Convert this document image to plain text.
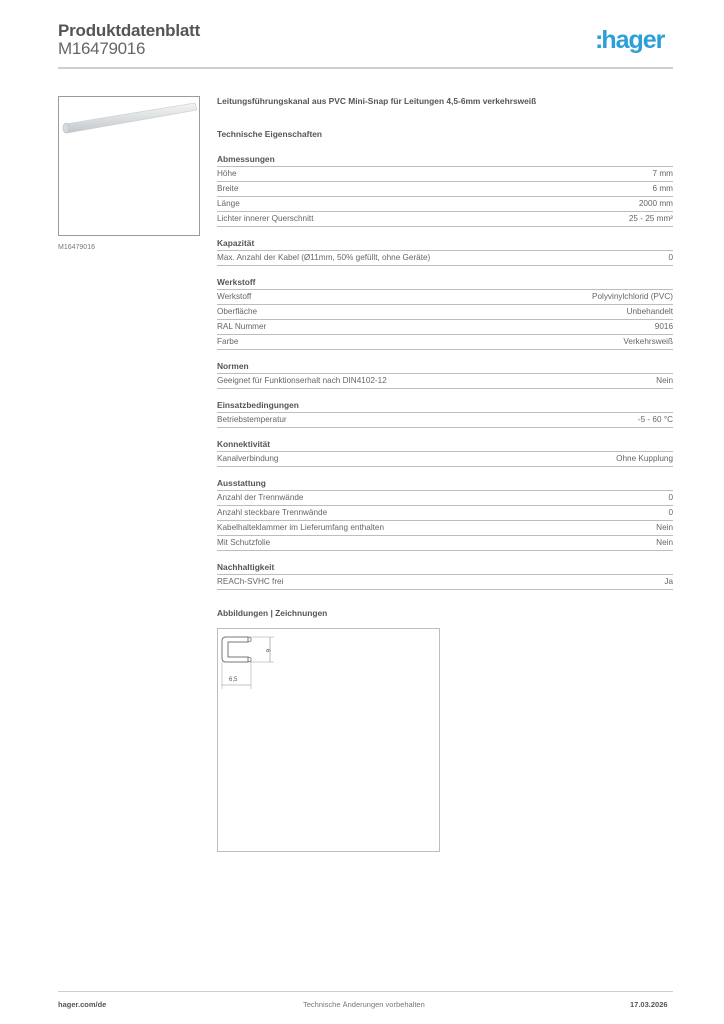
Produktdatenblatt
M16479016	:hager
M16479016
Leitungsführungskanal aus PVC Mini-Snap für Leitungen 4,5-6mm verkehrsweiß
Technische Eigenschaften
Abmessungen
Höhe	7 mm
Breite	6 mm
Länge	2000 mm
Lichter innerer Querschnitt	25 - 25 mm²
Kapazität
Max. Anzahl der Kabel (Ø11mm, 50% gefüllt, ohne Geräte)	0
Werkstoff
Werkstoff	Polyvinylchlorid (PVC)
Oberfläche	Unbehandelt
RAL Nummer	9016
Farbe	Verkehrsweiß
Normen
Geeignet für Funktionserhalt nach DIN4102-12	Nein
Einsatzbedingungen
Betriebstemperatur	-5 - 60 °C
Konnektivität
Kanalverbindung	Ohne Kupplung
Ausstattung
Anzahl der Trennwände	0
Anzahl steckbare Trennwände	0
Kabelhalteklammer im Lieferumfang enthalten	Nein
Mit Schutzfolie	Nein
Nachhaltigkeit
REACh-SVHC frei	Ja
Abbildungen | Zeichnungen
6
6,5
hager.com/de	Technische Änderungen vorbehalten	17.03.2026
